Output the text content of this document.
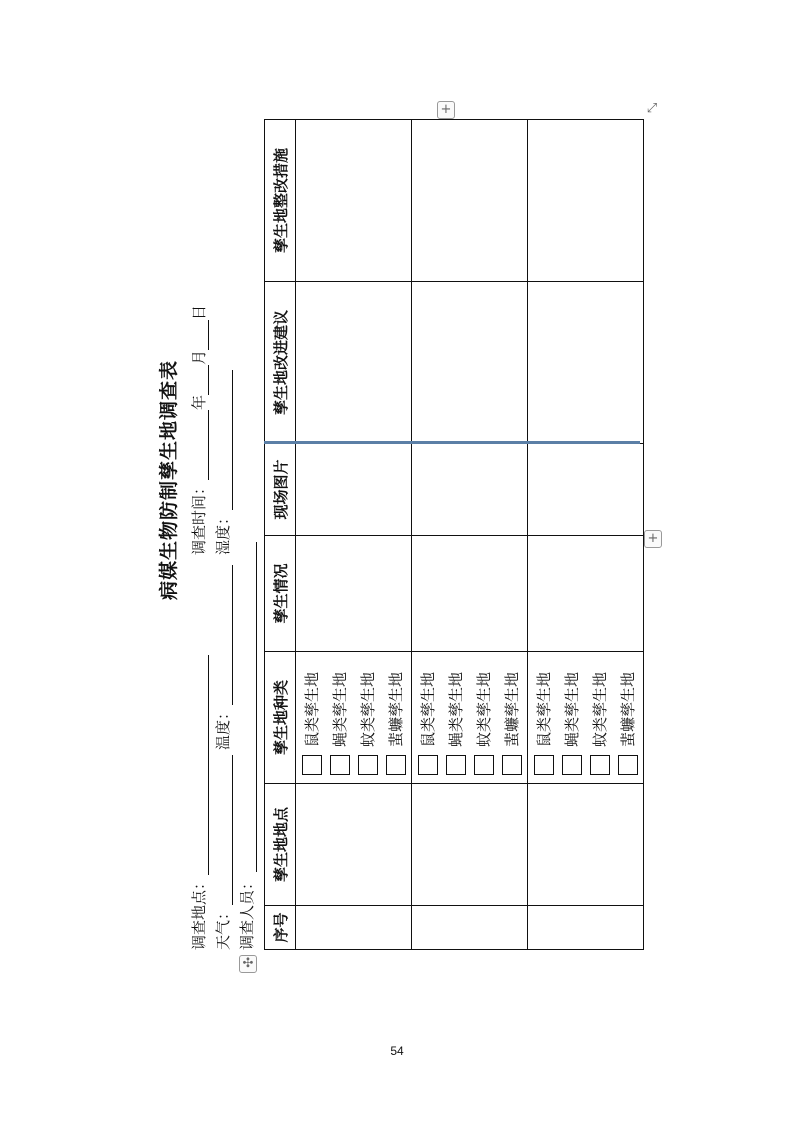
病媒生物防制孳生地调查表
调查地点：
调查时间：年月日
天气：
温度：
湿度：
调查人员： 序号	孳生地地点	孳生地种类	孳生情况	现场图片	孳生地改进建议	孳生地整改措施

		鼠类孳生地 蝇类孳生地 蚊类孳生地 蜚蠊孳生地				

		鼠类孳生地 蝇类孳生地 蚊类孳生地 蜚蠊孳生地				

		鼠类孳生地 蝇类孳生地 蚊类孳生地 蜚蠊孳生地				

+
+
✣
⤢
54
